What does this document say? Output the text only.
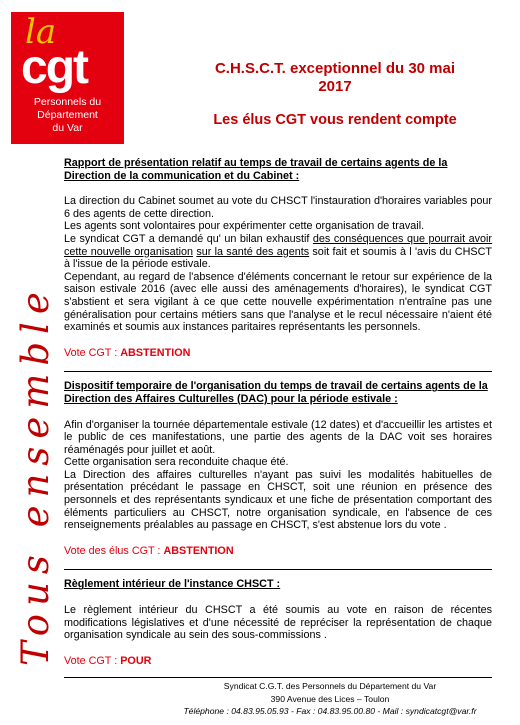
la
cgt
Personnels du
Département
du Var
C.H.S.C.T. exceptionnel du 30 mai
2017
Les élus CGT vous rendent compte
Tous ensemble

Rapport de présentation relatif au temps de travail de certains agents de la Direction de la communication et du Cabinet :

La direction du Cabinet soumet au vote du CHSCT l'instauration d'horaires variables pour 6 des agents de cette direction.

Les agents sont volontaires pour expérimenter cette organisation de travail.

Le syndicat CGT a demandé qu' un bilan exhaustif des conséquences que pourrait avoir cette nouvelle organisation sur la santé des agents soit fait et soumis à l 'avis du CHSCT à l'issue de la période estivale.

Cependant, au regard de l'absence d'éléments concernant le retour sur expérience de la saison estivale 2016 (avec elle aussi des aménagements d'horaires), le syndicat CGT s'abstient et sera vigilant à ce que cette nouvelle expérimentation n'entraîne pas une généralisation pour certains métiers sans que l'analyse et le recul nécessaire n'aient été examinés et soumis aux instances paritaires représentants les personnels.

Vote CGT : ABSTENTION

Dispositif temporaire de l'organisation du temps de travail de certains agents de la Direction des Affaires Culturelles (DAC) pour la période estivale :

Afin d'organiser la tournée départementale estivale (12 dates) et d'accueillir les artistes et le public de ces manifestations, une partie des agents de la DAC voit ses horaires réaménagés pour juillet et août.

Cette organisation sera reconduite chaque été.

La Direction des affaires culturelles n'ayant pas suivi les modalités habituelles de présentation précédant le passage en CHSCT, soit une réunion en présence des personnels et des représentants syndicaux et une fiche de présentation comportant des éléments particuliers au CHSCT, notre organisation syndicale, en l'absence de ces renseignements préalables au passage en CHSCT, s'est abstenue lors du vote .

Vote des élus CGT : ABSTENTION

Règlement intérieur de l'instance CHSCT :

Le règlement intérieur du CHSCT a été soumis au vote en raison de récentes modifications législatives et d'une nécessité de repréciser la représentation de chaque organisation syndicale au sein des sous-commissions .

Vote CGT : POUR

Syndicat C.G.T. des Personnels du Département du Var
390 Avenue des Lices – Toulon
Téléphone : 04.83.95.05.93 - Fax : 04.83.95.00.80 - Mail : syndicatcgt@var.fr
